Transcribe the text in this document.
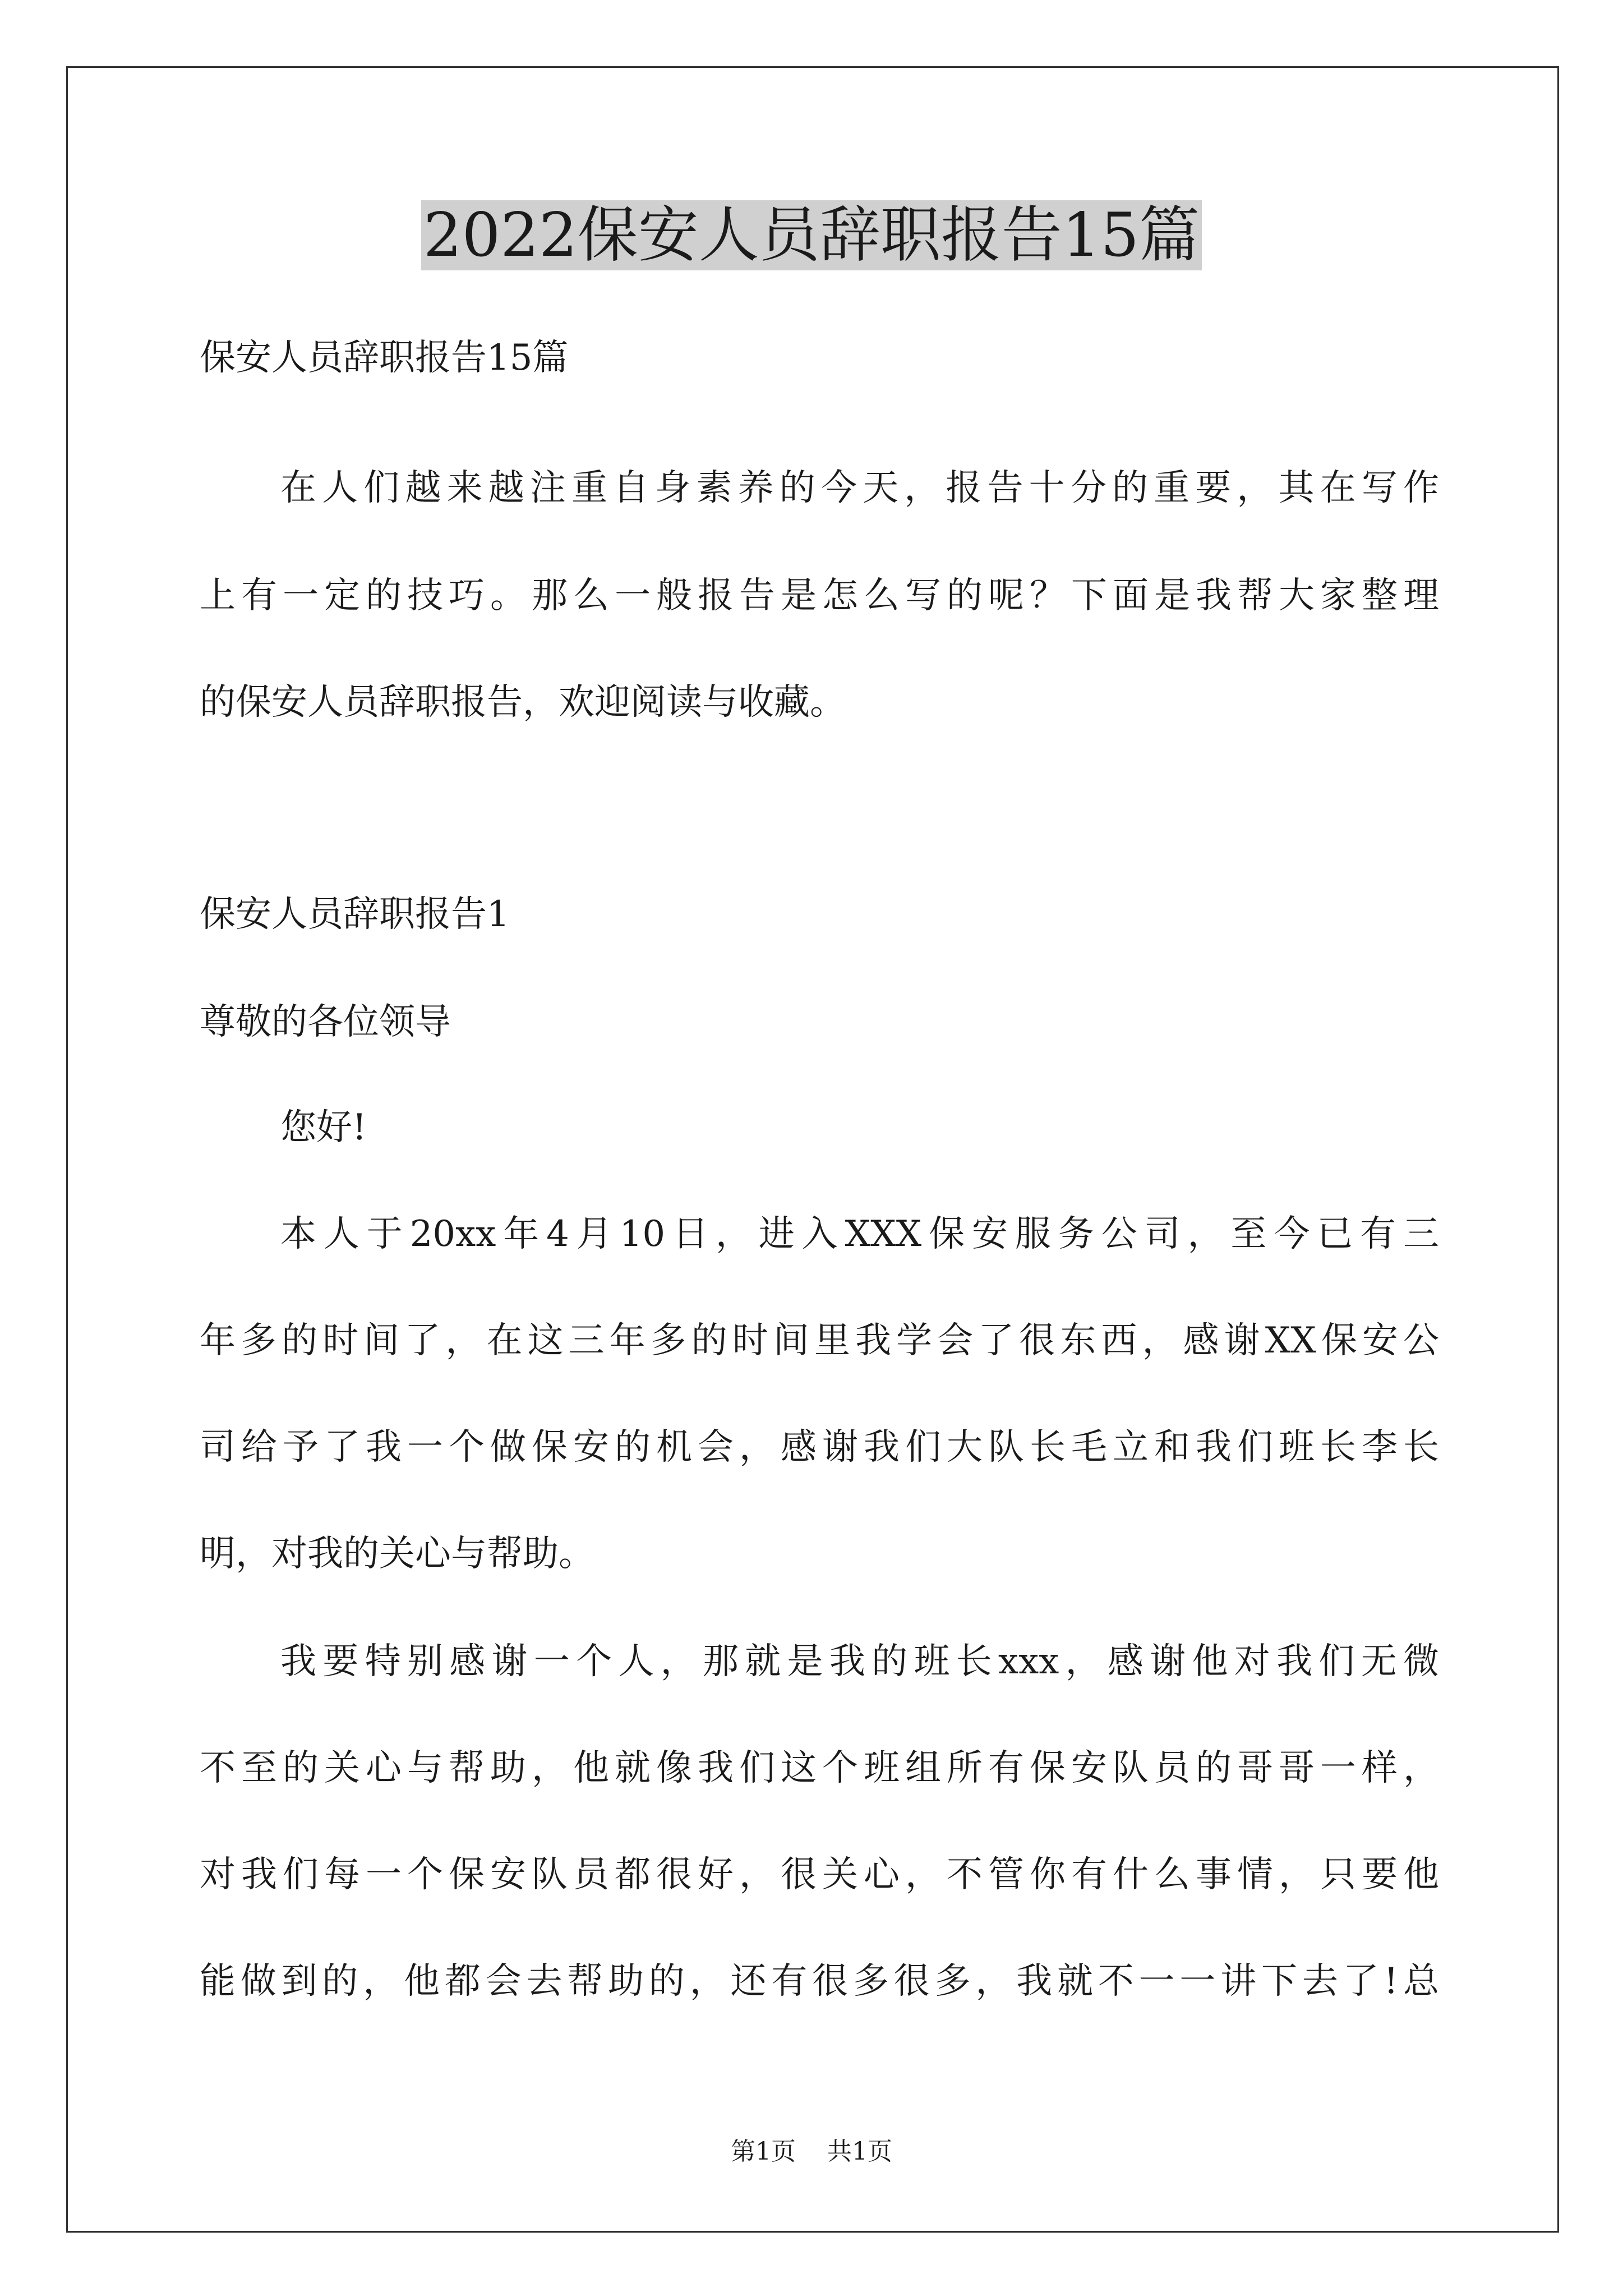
2022保安人员辞职报告15篇
保安人员辞职报告15篇
在人们越来越注重自身素养的今天，报告十分的重要，其在写作
上有一定的技巧。那么一般报告是怎么写的呢？下面是我帮大家整理
的保安人员辞职报告，欢迎阅读与收藏。
保安人员辞职报告1
尊敬的各位领导
您好!
本人于20xx年4月10日，进入XXX保安服务公司，至今已有三
年多的时间了，在这三年多的时间里我学会了很东西，感谢XX保安公
司给予了我一个做保安的机会，感谢我们大队长毛立和我们班长李长
明，对我的关心与帮助。
我要特别感谢一个人，那就是我的班长xxx，感谢他对我们无微
不至的关心与帮助，他就像我们这个班组所有保安队员的哥哥一样，
对我们每一个保安队员都很好，很关心，不管你有什么事情，只要他
能做到的，他都会去帮助的，还有很多很多，我就不一一讲下去了!总
第1页 共1页
